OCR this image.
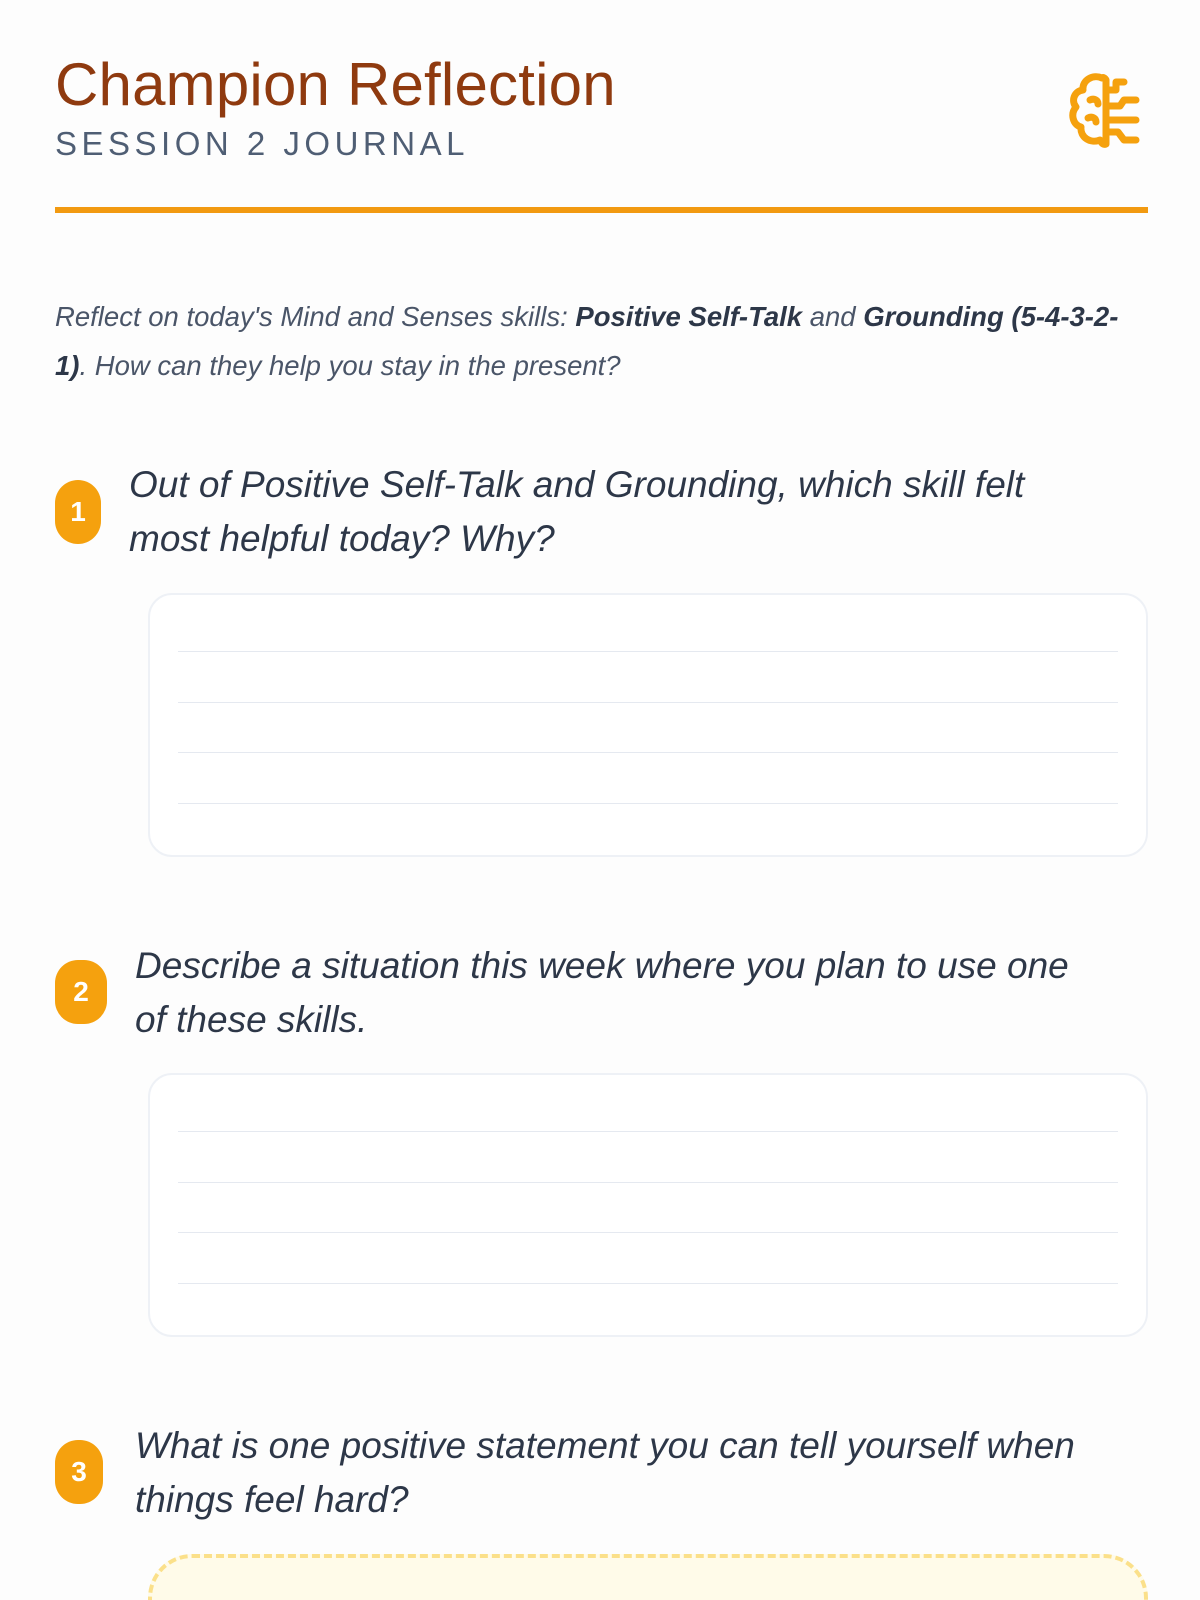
Champion Reflection
SESSION 2 JOURNAL
Reflect on today's Mind and Senses skills: Positive Self-Talk and Grounding (5-4-3-2-1). How can they help you stay in the present?
1
Out of Positive Self-Talk and Grounding, which skill felt most helpful today? Why?
2
Describe a situation this week where you plan to use one of these skills.
3
What is one positive statement you can tell yourself when things feel hard?
